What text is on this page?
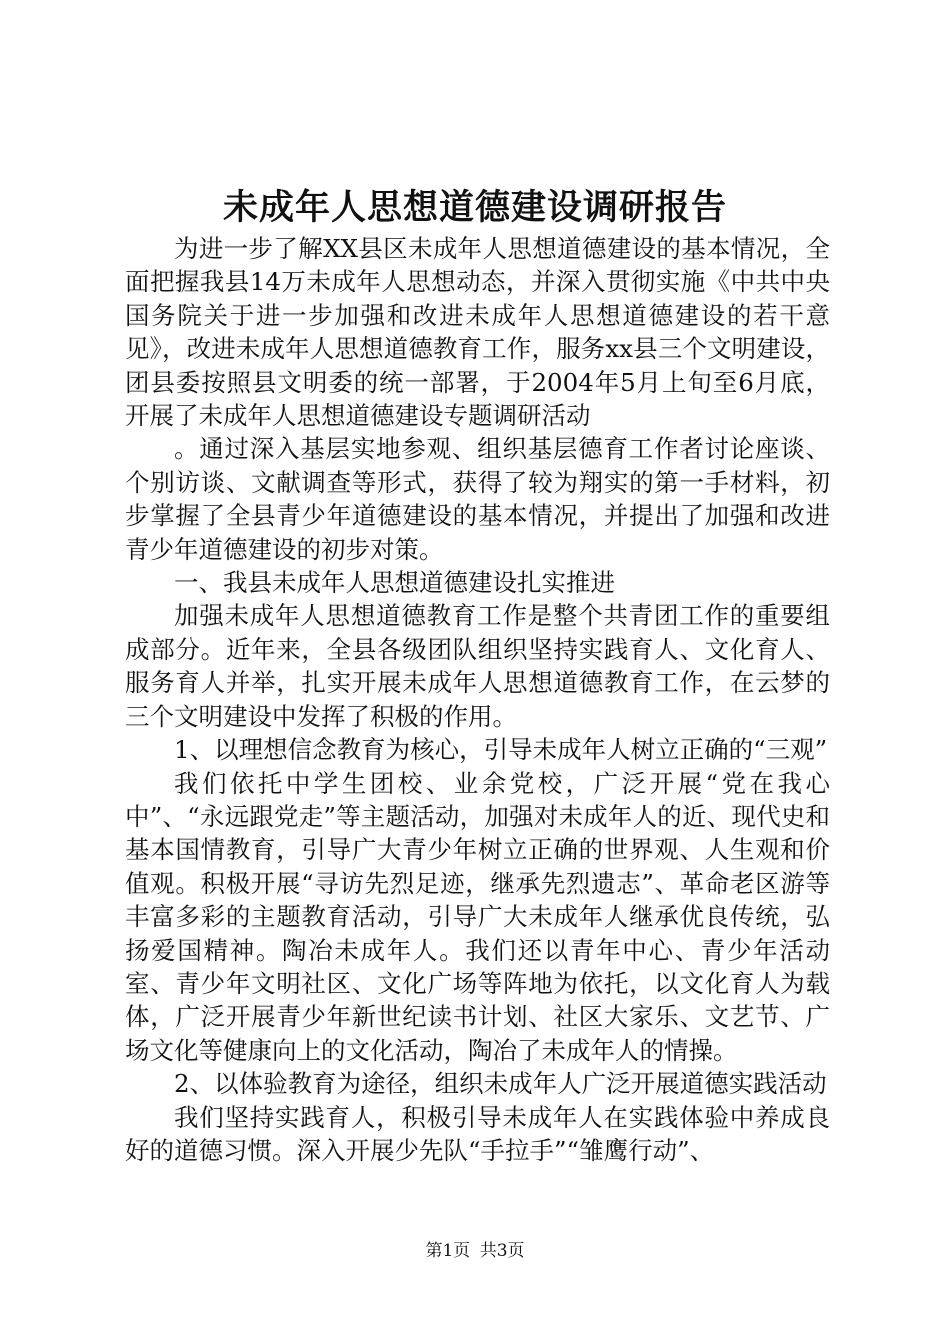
未成年人思想道德建设调研报告

为进一步了解XX县区未成年人思想道德建设的基本情况，全面把握我县14万未成年人思想动态，并深入贯彻实施《中共中央国务院关于进一步加强和改进未成年人思想道德建设的若干意见》，改进未成年人思想道德教育工作，服务xx县三个文明建设，团县委按照县文明委的统一部署，于2004年5月上旬至6月底，开展了未成年人思想道德建设专题调研活动

。通过深入基层实地参观、组织基层德育工作者讨论座谈、个别访谈、文献调查等形式，获得了较为翔实的第一手材料，初步掌握了全县青少年道德建设的基本情况，并提出了加强和改进青少年道德建设的初步对策。

一、我县未成年人思想道德建设扎实推进

加强未成年人思想道德教育工作是整个共青团工作的重要组成部分。近年来，全县各级团队组织坚持实践育人、文化育人、服务育人并举，扎实开展未成年人思想道德教育工作，在云梦的三个文明建设中发挥了积极的作用。

1、以理想信念教育为核心，引导未成年人树立正确的“三观”

我们依托中学生团校、业余党校，广泛开展“党在我心中”、“永远跟党走”等主题活动，加强对未成年人的近、现代史和基本国情教育，引导广大青少年树立正确的世界观、人生观和价值观。积极开展“寻访先烈足迹，继承先烈遗志”、革命老区游等丰富多彩的主题教育活动，引导广大未成年人继承优良传统，弘扬爱国精神。陶冶未成年人。我们还以青年中心、青少年活动室、青少年文明社区、文化广场等阵地为依托，以文化育人为载体，广泛开展青少年新世纪读书计划、社区大家乐、文艺节、广场文化等健康向上的文化活动，陶冶了未成年人的情操。

2、以体验教育为途径，组织未成年人广泛开展道德实践活动

我们坚持实践育人，积极引导未成年人在实践体验中养成良好的道德习惯。深入开展少先队“手拉手”“雏鹰行动”、

第1页 共3页
